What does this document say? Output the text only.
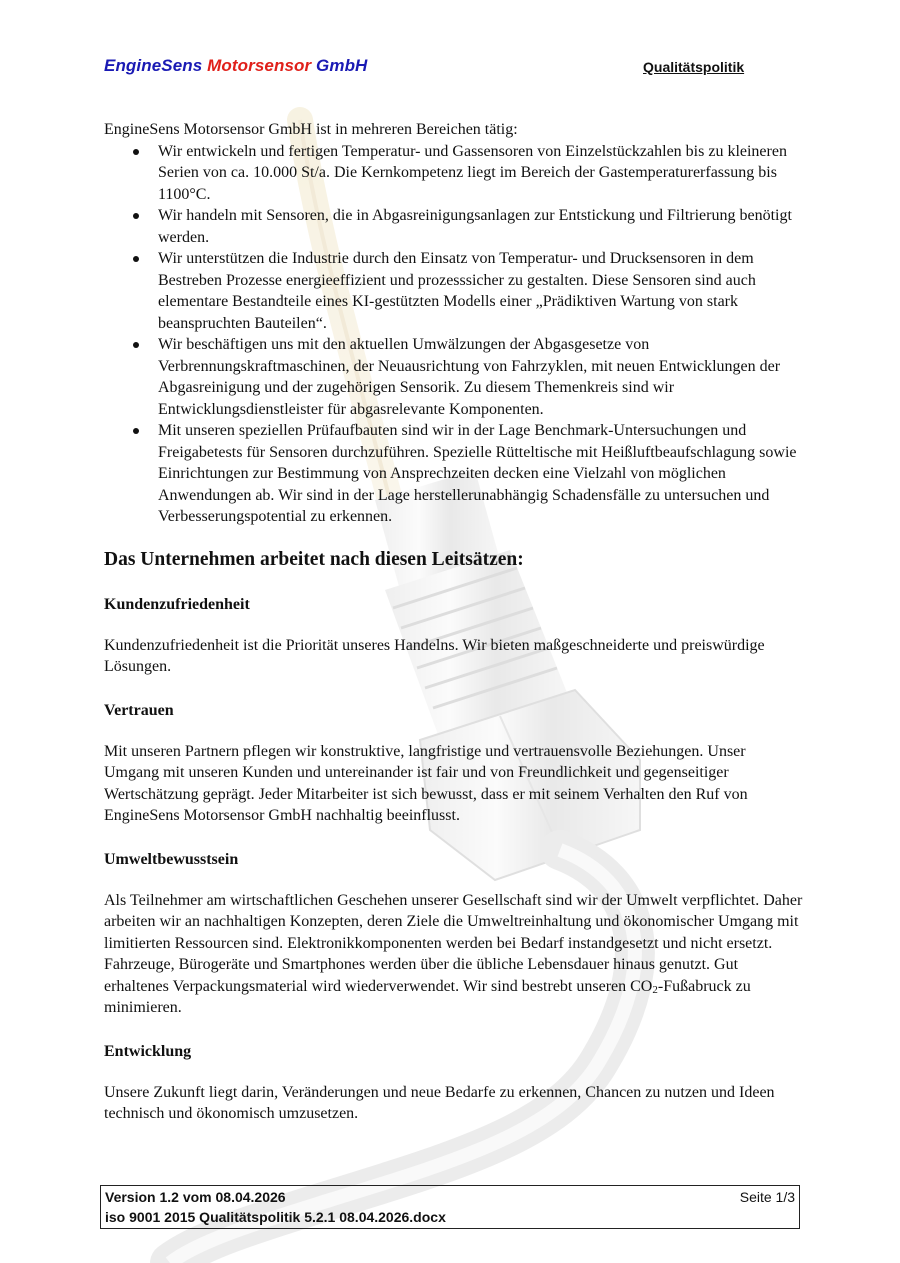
EngineSens Motorsensor GmbH	Qualitätspolitik

EngineSens Motorsensor GmbH ist in mehreren Bereichen tätig:

Wir entwickeln und fertigen Temperatur- und Gassensoren von Einzelstückzahlen bis zu kleineren Serien von ca. 10.000 St/a. Die Kernkompetenz liegt im Bereich der Gastemperaturerfassung bis 1100°C.
Wir handeln mit Sensoren, die in Abgasreinigungsanlagen zur Entstickung und Filtrierung benötigt werden.
Wir unterstützen die Industrie durch den Einsatz von Temperatur- und Drucksensoren in dem Bestreben Prozesse energieeffizient und prozesssicher zu gestalten. Diese Sensoren sind auch elementare Bestandteile eines KI-gestützten Modells einer „Prädiktiven Wartung von stark beanspruchten Bauteilen“.
Wir beschäftigen uns mit den aktuellen Umwälzungen der Abgasgesetze von Verbrennungskraftmaschinen, der Neuausrichtung von Fahrzyklen, mit neuen Entwicklungen der Abgasreinigung und der zugehörigen Sensorik. Zu diesem Themenkreis sind wir Entwicklungsdienstleister für abgasrelevante Komponenten.
Mit unseren speziellen Prüfaufbauten sind wir in der Lage Benchmark-Untersuchungen und Freigabetests für Sensoren durchzuführen. Spezielle Rütteltische mit Heißluftbeaufschlagung sowie Einrichtungen zur Bestimmung von Ansprechzeiten decken eine Vielzahl von möglichen Anwendungen ab. Wir sind in der Lage herstellerunabhängig Schadensfälle zu untersuchen und Verbesserungspotential zu erkennen.
Das Unternehmen arbeitet nach diesen Leitsätzen:
Kundenzufriedenheit

Kundenzufriedenheit ist die Priorität unseres Handelns. Wir bieten maßgeschneiderte und preiswürdige Lösungen.

Vertrauen

Mit unseren Partnern pflegen wir konstruktive, langfristige und vertrauensvolle Beziehungen. Unser Umgang mit unseren Kunden und untereinander ist fair und von Freundlichkeit und gegenseitiger Wertschätzung geprägt. Jeder Mitarbeiter ist sich bewusst, dass er mit seinem Verhalten den Ruf von EngineSens Motorsensor GmbH nachhaltig beeinflusst.

Umweltbewusstsein

Als Teilnehmer am wirtschaftlichen Geschehen unserer Gesellschaft sind wir der Umwelt verpflichtet. Daher arbeiten wir an nachhaltigen Konzepten, deren Ziele die Umweltreinhaltung und ökonomischer Umgang mit limitierten Ressourcen sind. Elektronikkomponenten werden bei Bedarf instandgesetzt und nicht ersetzt. Fahrzeuge, Bürogeräte und Smartphones werden über die übliche Lebensdauer hinaus genutzt. Gut erhaltenes Verpackungsmaterial wird wiederverwendet. Wir sind bestrebt unseren $CO_2$-Fußabruck zu minimieren.

Entwicklung

Unsere Zukunft liegt darin, Veränderungen und neue Bedarfe zu erkennen, Chancen zu nutzen und Ideen technisch und ökonomisch umzusetzen.

Version 1.2 vom 08.04.2026
iso 9001 2015 Qualitätspolitik 5.2.1 08.04.2026.docx
Seite 1/3
